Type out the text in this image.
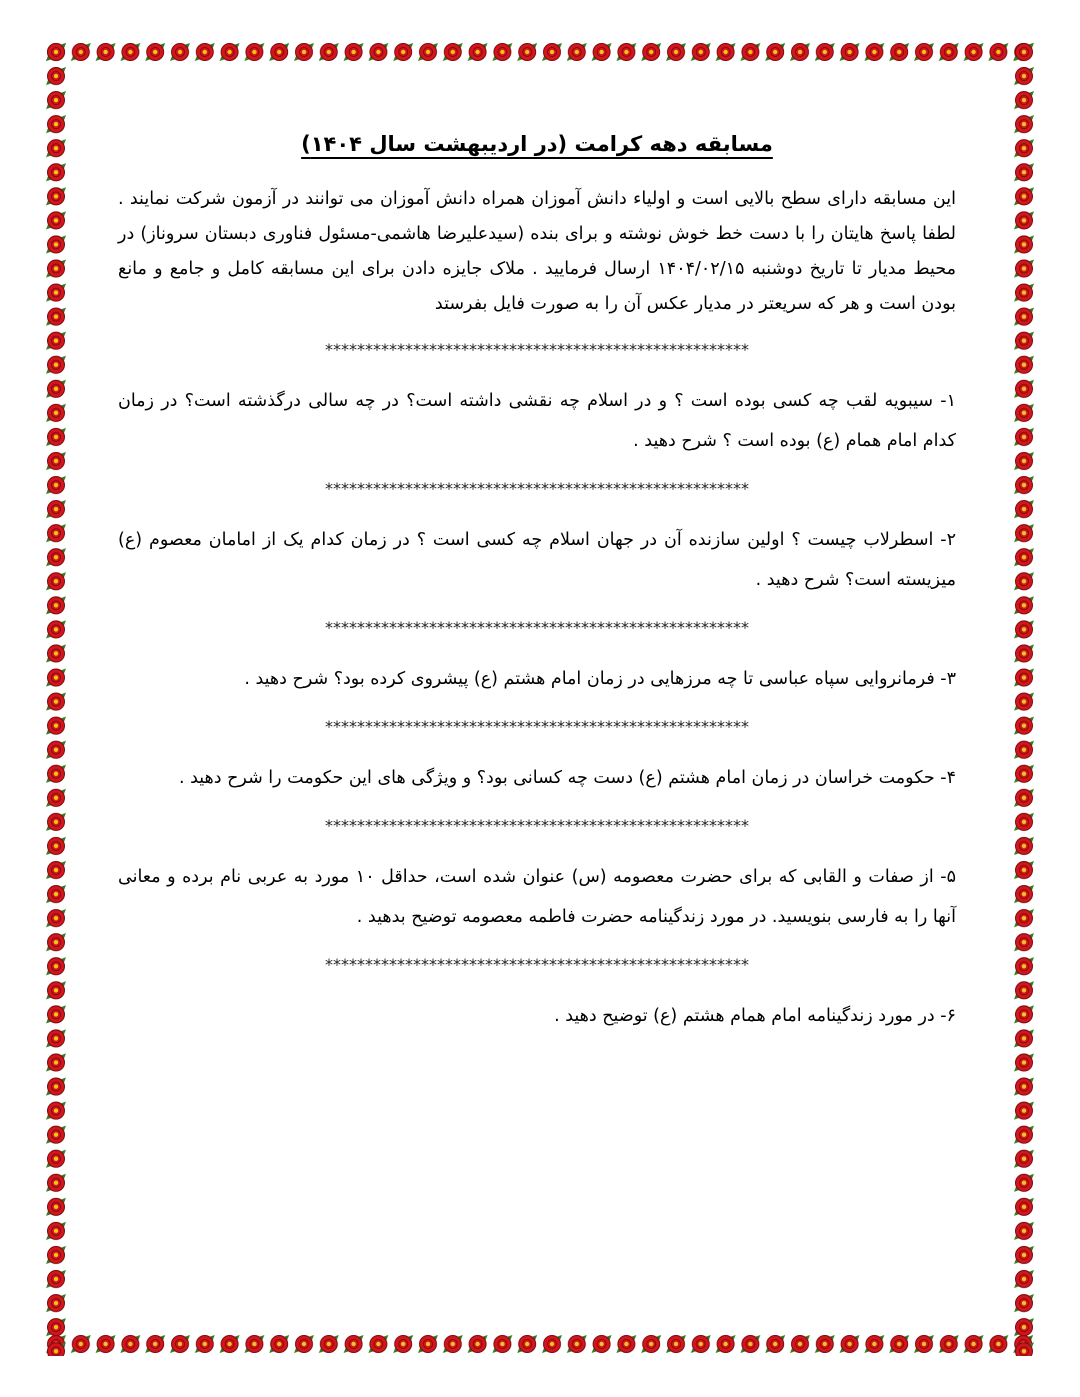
مسابقه دهه کرامت (در اردیبهشت سال ۱۴۰۴)

این مسابقه دارای سطح بالایی است و اولیاء دانش آموزان همراه دانش آموزان می توانند در آزمون شرکت نمایند . لطفا پاسخ هایتان را با دست خط خوش نوشته و برای بنده (سیدعلیرضا هاشمی-مسئول فناوری دبستان سروناز) در محیط مدیار تا تاریخ دوشنبه ۱۴۰۴/۰۲/۱۵ ارسال فرمایید . ملاک جایزه دادن برای این مسابقه کامل و جامع و مانع بودن است و هر که سریعتر در مدیار عکس آن را به صورت فایل بفرستد

*****************************************************

۱- سیبویه لقب چه کسی بوده است ؟ و در اسلام چه نقشی داشته است؟ در چه سالی درگذشته است؟ در زمان کدام امام همام (ع) بوده است ؟ شرح دهید .

*****************************************************

۲- اسطرلاب چیست ؟ اولین سازنده آن در جهان اسلام چه کسی است ؟ در زمان کدام یک از امامان معصوم (ع) میزیسته است؟ شرح دهید .

*****************************************************

۳- فرمانروایی سپاه عباسی تا چه مرزهایی در زمان امام هشتم (ع) پیشروی کرده بود؟ شرح دهید .

*****************************************************

۴- حکومت خراسان در زمان امام هشتم (ع) دست چه کسانی بود؟ و ویژگی های این حکومت را شرح دهید .

*****************************************************

۵- از صفات و القابی که برای حضرت معصومه (س) عنوان شده است، حداقل ۱۰ مورد به عربی نام برده و معانی آنها را به فارسی بنویسید. در مورد زندگینامه حضرت فاطمه معصومه توضیح بدهید .

*****************************************************

۶- در مورد زندگینامه امام همام هشتم (ع) توضیح دهید .
